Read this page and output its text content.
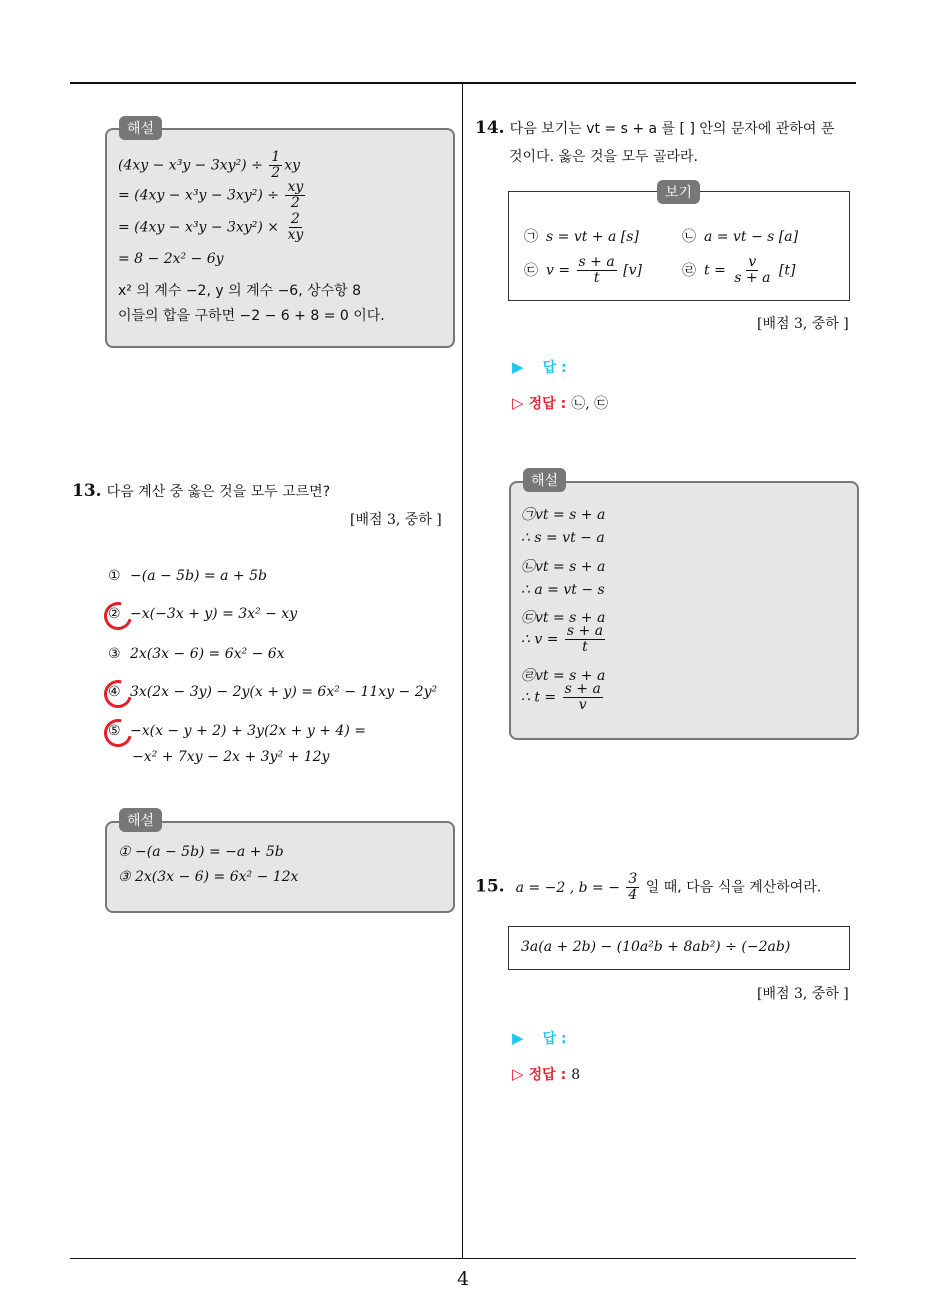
4
해설
$(4xy - x^3y - 3xy^2) \div \frac{1}{2}$ xy
= $(4xy - x^3y - 3xy^2) \div \frac{xy}{2}$
= $(4xy - x^3y - 3xy^2) \times \frac{2}{xy}$
= 8 − 2x² − 6y
x² 의 계수 −2, y 의 계수 −6, 상수항 8
이들의 합을 구하면 −2 − 6 + 8 = 0 이다.
13. 다음 계산 중 옳은 것을 모두 고르면?
[배점 3, 중하 ]
① −(a − 5b) = a + 5b
② −x(−3x + y) = 3x² − xy
③ 2x(3x − 6) = 6x² − 6x
④ 3x(2x − 3y) − 2y(x + y) = 6x² − 11xy − 2y²
⑤ −x(x − y + 2) + 3y(2x + y + 4) =
−x² + 7xy − 2x + 3y² + 12y
해설
① −(a − 5b) = −a + 5b
③ 2x(3x − 6) = 6x² − 12x
14. 다음 보기는 vt = s + a 를 [ ] 안의 문자에 관하여 푼
것이다. 옳은 것을 모두 골라라.
보기
㉠ s = vt + a [s]	㉡ a = vt − s [a]
㉢ $v = \frac{s + a}{t} [v]$	㉣ $t = \frac{v}{s + a} [t]$
[배점 3, 중하 ]
▶ 답 :
▷ 정답 : ㉡, ㉢
해설
㉠vt = s + a
∴ s = vt − a
㉡vt = s + a
∴ a = vt − s
㉢vt = s + a
∴ $v = \frac{s + a}{t}$
㉣vt = s + a
∴ $t = \frac{s + a}{v}$
15. a = −2 , b = − $\frac{3}{4}$ 일 때, 다음 식을 계산하여라.
3a(a + 2b) − (10a²b + 8ab²) ÷ (−2ab)
[배점 3, 중하 ]
▶ 답 :
▷ 정답 : 8
